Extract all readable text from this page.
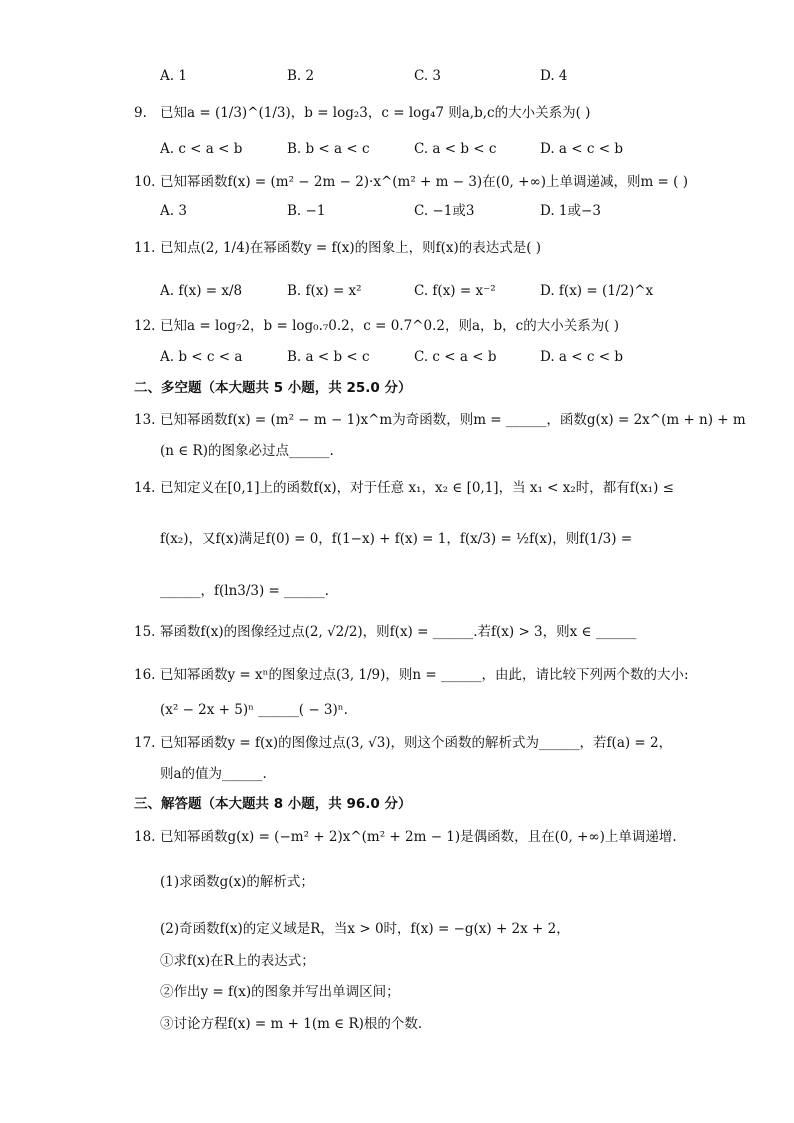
A. 1	B. 2	C. 3	D. 4
9. 已知a = (1/3)^(1/3)，b = log₂3，c = log₄7 则a,b,c的大小关系为( )
A. c < a < b	B. b < a < c	C. a < b < c	D. a < c < b
10. 已知幂函数f(x) = (m² − 2m − 2)·x^(m² + m − 3)在(0, +∞)上单调递减，则m = ( )
A. 3	B. −1	C. −1或3	D. 1或−3
11. 已知点(2, 1/4)在幂函数y = f(x)的图象上，则f(x)的表达式是( )
A. f(x) = x/8	B. f(x) = x²	C. f(x) = x⁻²	D. f(x) = (1/2)^x
12. 已知a = log₇2，b = log₀.₇0.2，c = 0.7^0.2，则a，b，c的大小关系为( )
A. b < c < a	B. a < b < c	C. c < a < b	D. a < c < b
二、多空题（本大题共 5 小题，共 25.0 分）
13. 已知幂函数f(x) = (m² − m − 1)x^m为奇函数，则m = ______，函数g(x) = 2x^(m + n) + m
(n ∈ R)的图象必过点______.
14. 已知定义在[0,1]上的函数f(x)，对于任意 x₁，x₂ ∈ [0,1]，当 x₁ < x₂时，都有f(x₁) ≤
f(x₂)，又f(x)满足f(0) = 0，f(1−x) + f(x) = 1，f(x/3) = ½f(x)，则f(1/3) =
______，f(ln3/3) = ______.
15. 幂函数f(x)的图像经过点(2, √2/2)，则f(x) = ______.若f(x) > 3，则x ∈ ______
16. 已知幂函数y = xⁿ的图象过点(3, 1/9)，则n = ______，由此，请比较下列两个数的大小:
(x² − 2x + 5)ⁿ ______( − 3)ⁿ.
17. 已知幂函数y = f(x)的图像过点(3, √3)，则这个函数的解析式为______，若f(a) = 2，
则a的值为______.
三、解答题（本大题共 8 小题，共 96.0 分）
18. 已知幂函数g(x) = (−m² + 2)x^(m² + 2m − 1)是偶函数，且在(0, +∞)上单调递增.
(1)求函数g(x)的解析式；
(2)奇函数f(x)的定义域是R，当x > 0时，f(x) = −g(x) + 2x + 2，
①求f(x)在R上的表达式；
②作出y = f(x)的图象并写出单调区间；
③讨论方程f(x) = m + 1(m ∈ R)根的个数.
